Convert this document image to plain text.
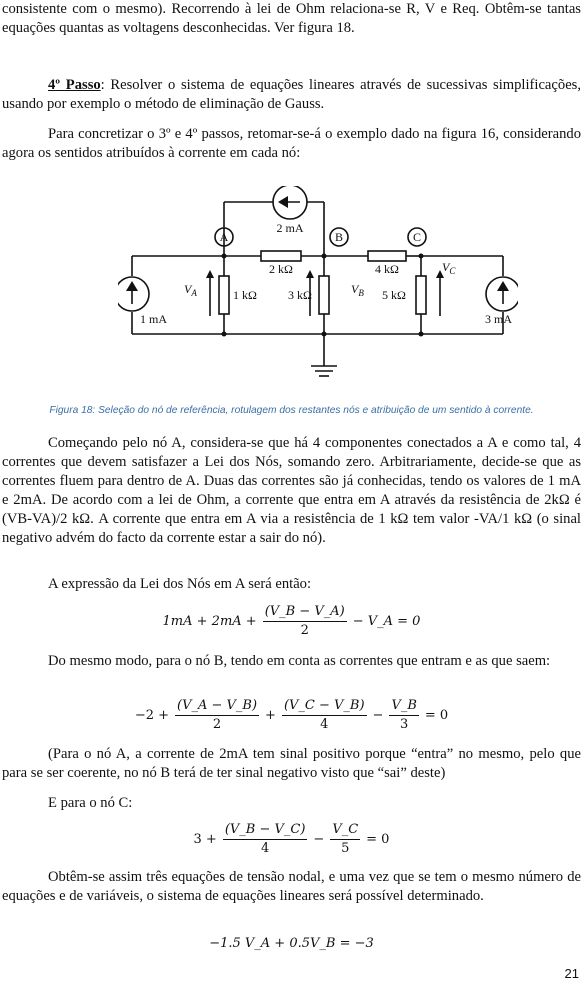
consistente com o mesmo). Recorrendo à lei de Ohm relaciona-se R, V e Req. Obtêm-se tantas equações quantas as voltagens desconhecidas. Ver figura 18.
4º Passo: Resolver o sistema de equações lineares através de sucessivas simplificações, usando por exemplo o método de eliminação de Gauss.
Para concretizar o 3º e 4º passos, retomar-se-á o exemplo dado na figura 16, considerando agora os sentidos atribuídos à corrente em cada nó:
A	B	C
2 mA
1 mA	3 mA
2 kΩ	4 kΩ
1 kΩ	3 kΩ	5 kΩ
$V_A$	$V_B$
$V_C$
Figura 18: Seleção do nó de referência, rotulagem dos restantes nós e atribuição de um sentido à corrente.
Começando pelo nó A, considera-se que há 4 componentes conectados a A e como tal, 4 correntes que devem satisfazer a Lei dos Nós, somando zero. Arbitrariamente, decide-se que as correntes fluem para dentro de A. Duas das correntes são já conhecidas, tendo os valores de 1 mA e 2mA. De acordo com a lei de Ohm, a corrente que entra em A através da resistência de 2kΩ é (VB-VA)/2 kΩ. A corrente que entra em A via a resistência de 1 kΩ tem valor -VA/1 kΩ (o sinal negativo advém do facto da corrente estar a sair do nó).
A expressão da Lei dos Nós em A será então:
$1mA + 2mA + \frac{(V\_B - V\_A)}{2}$ − V_A = 0
Do mesmo modo, para o nó B, tendo em conta as correntes que entram e as que saem:
$-2 + \frac{(V\_A - V\_B)}{2} + \frac{(V\_C - V\_B)}{4} - \frac{V\_B}{3} = 0$
(Para o nó A, a corrente de 2mA tem sinal positivo porque “entra” no mesmo, pelo que para se ser coerente, no nó B terá de ter sinal negativo visto que “sai” deste)
E para o nó C:
$3 + \frac{(V\_B - V\_C)}{4} - \frac{V\_C}{5} = 0$
Obtêm-se assim três equações de tensão nodal, e uma vez que se tem o mesmo número de equações e de variáveis, o sistema de equações lineares será possível determinado.
−1.5 V_A + 0.5V_B = −3
21
